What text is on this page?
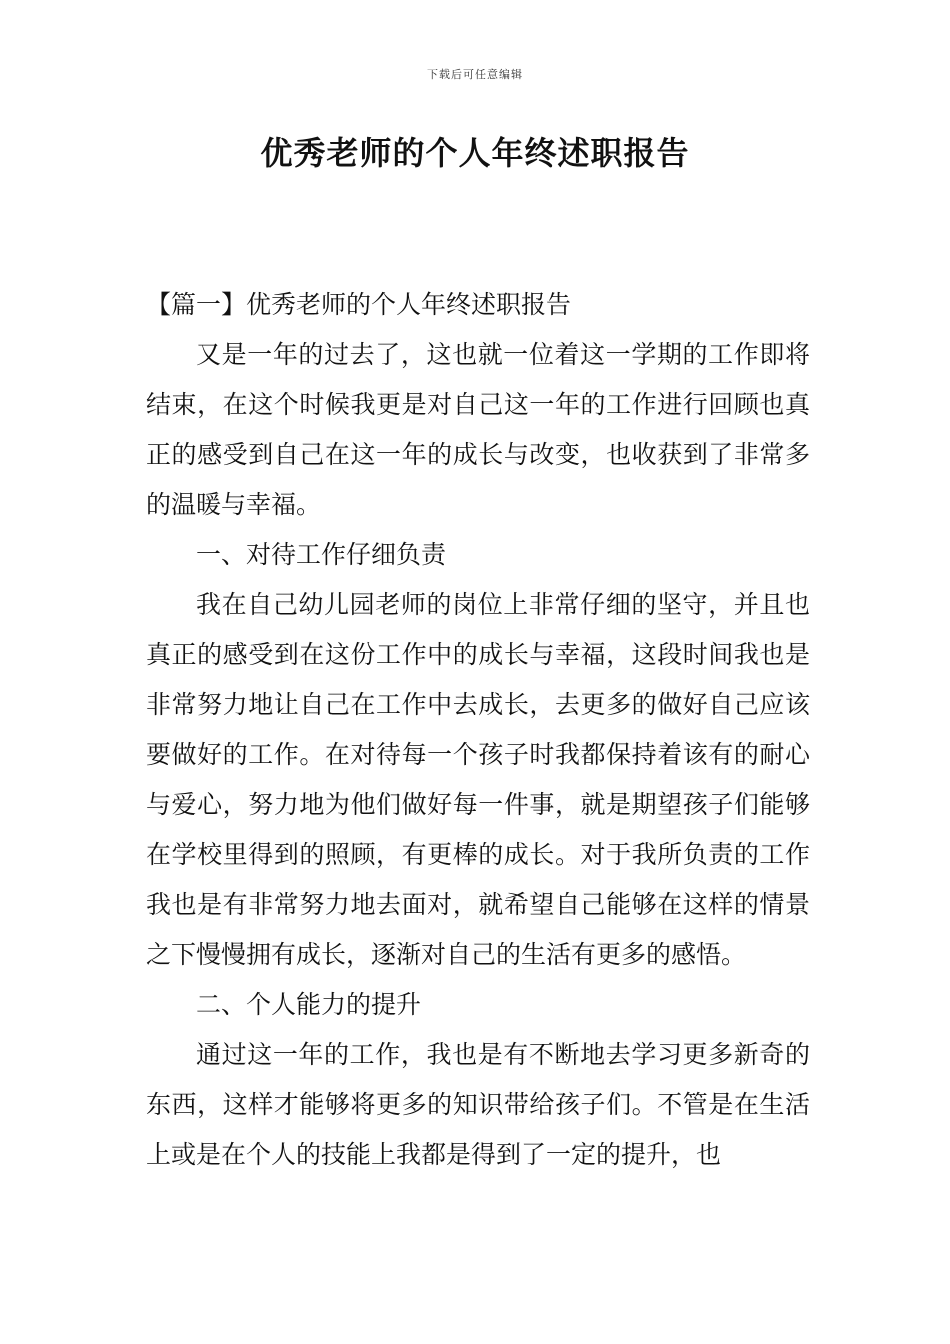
下载后可任意编辑
优秀老师的个人年终述职报告

【篇一】优秀老师的个人年终述职报告

又是一年的过去了，这也就一位着这一学期的工作即将结束，在这个时候我更是对自己这一年的工作进行回顾也真正的感受到自己在这一年的成长与改变，也收获到了非常多的温暖与幸福。

一、对待工作仔细负责

我在自己幼儿园老师的岗位上非常仔细的坚守，并且也真正的感受到在这份工作中的成长与幸福，这段时间我也是非常努力地让自己在工作中去成长，去更多的做好自己应该要做好的工作。在对待每一个孩子时我都保持着该有的耐心与爱心，努力地为他们做好每一件事，就是期望孩子们能够在学校里得到的照顾，有更棒的成长。对于我所负责的工作我也是有非常努力地去面对，就希望自己能够在这样的情景之下慢慢拥有成长，逐渐对自己的生活有更多的感悟。

二、个人能力的提升

通过这一年的工作，我也是有不断地去学习更多新奇的东西，这样才能够将更多的知识带给孩子们。不管是在生活上或是在个人的技能上我都是得到了一定的提升，也
